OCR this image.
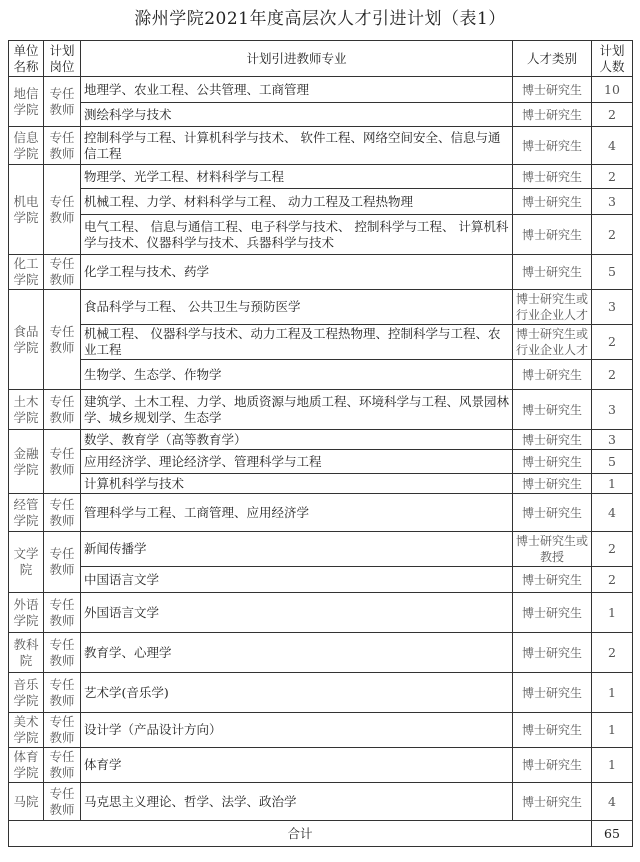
滁州学院2021年度高层次人才引进计划（表1）
单位名称	计划岗位	计划引进教师专业	人才类别	计划人数
地信学院	专任教师	地理学、农业工程、公共管理、工商管理	博士研究生	10
		测绘科学与技术	博士研究生	2
信息学院	专任教师	控制科学与工程、计算机科学与技术、 软件工程、网络空间安全、信息与通信工程	博士研究生	4
机电学院	专任教师	物理学、光学工程、材料科学与工程	博士研究生	2
		机械工程、力学、材料科学与工程、 动力工程及工程热物理	博士研究生	3
		电气工程、 信息与通信工程、电子科学与技术、 控制科学与工程、 计算机科学与技术、仪器科学与技术、兵器科学与技术	博士研究生	2
化工学院	专任教师	化学工程与技术、药学	博士研究生	5
食品学院	专任教师	食品科学与工程、 公共卫生与预防医学	博士研究生或行业企业人才	3
		机械工程、 仪器科学与技术、动力工程及工程热物理、控制科学与工程、农业工程	博士研究生或行业企业人才	2
		生物学、生态学、作物学	博士研究生	2
土木学院	专任教师	建筑学、土木工程、力学、地质资源与地质工程、环境科学与工程、风景园林学、城乡规划学、生态学	博士研究生	3
金融学院	专任教师	数学、教育学（高等教育学）	博士研究生	3
		应用经济学、理论经济学、管理科学与工程	博士研究生	5
		计算机科学与技术	博士研究生	1
经管学院	专任教师	管理科学与工程、工商管理、应用经济学	博士研究生	4
文学院	专任教师	新闻传播学	博士研究生或教授	2
		中国语言文学	博士研究生	2
外语学院	专任教师	外国语言文学	博士研究生	1
教科院	专任教师	教育学、心理学	博士研究生	2
音乐学院	专任教师	艺术学(音乐学)	博士研究生	1
美术学院	专任教师	设计学（产品设计方向）	博士研究生	1
体育学院	专任教师	体育学	博士研究生	1
马院	专任教师	马克思主义理论、哲学、法学、政治学	博士研究生	4
合计				65
